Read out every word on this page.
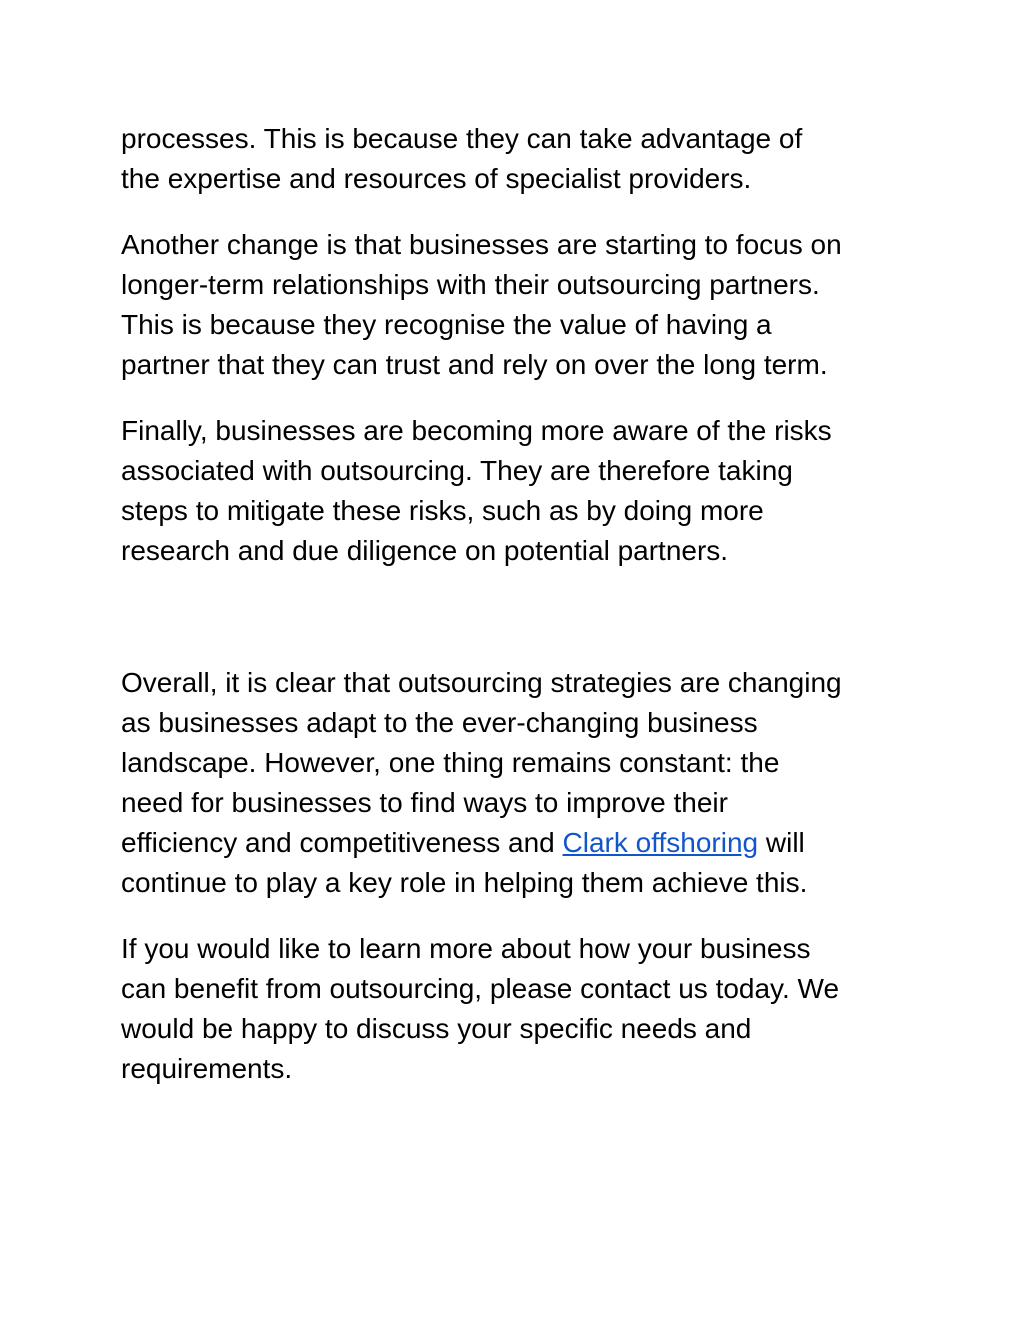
processes. This is because they can take advantage of
the expertise and resources of specialist providers.

Another change is that businesses are starting to focus on
longer-term relationships with their outsourcing partners.
This is because they recognise the value of having a
partner that they can trust and rely on over the long term.

Finally, businesses are becoming more aware of the risks
associated with outsourcing. They are therefore taking
steps to mitigate these risks, such as by doing more
research and due diligence on potential partners.

Overall, it is clear that outsourcing strategies are changing
as businesses adapt to the ever-changing business
landscape. However, one thing remains constant: the
need for businesses to find ways to improve their
efficiency and competitiveness and Clark offshoring will
continue to play a key role in helping them achieve this.

If you would like to learn more about how your business
can benefit from outsourcing, please contact us today. We
would be happy to discuss your specific needs and
requirements.
